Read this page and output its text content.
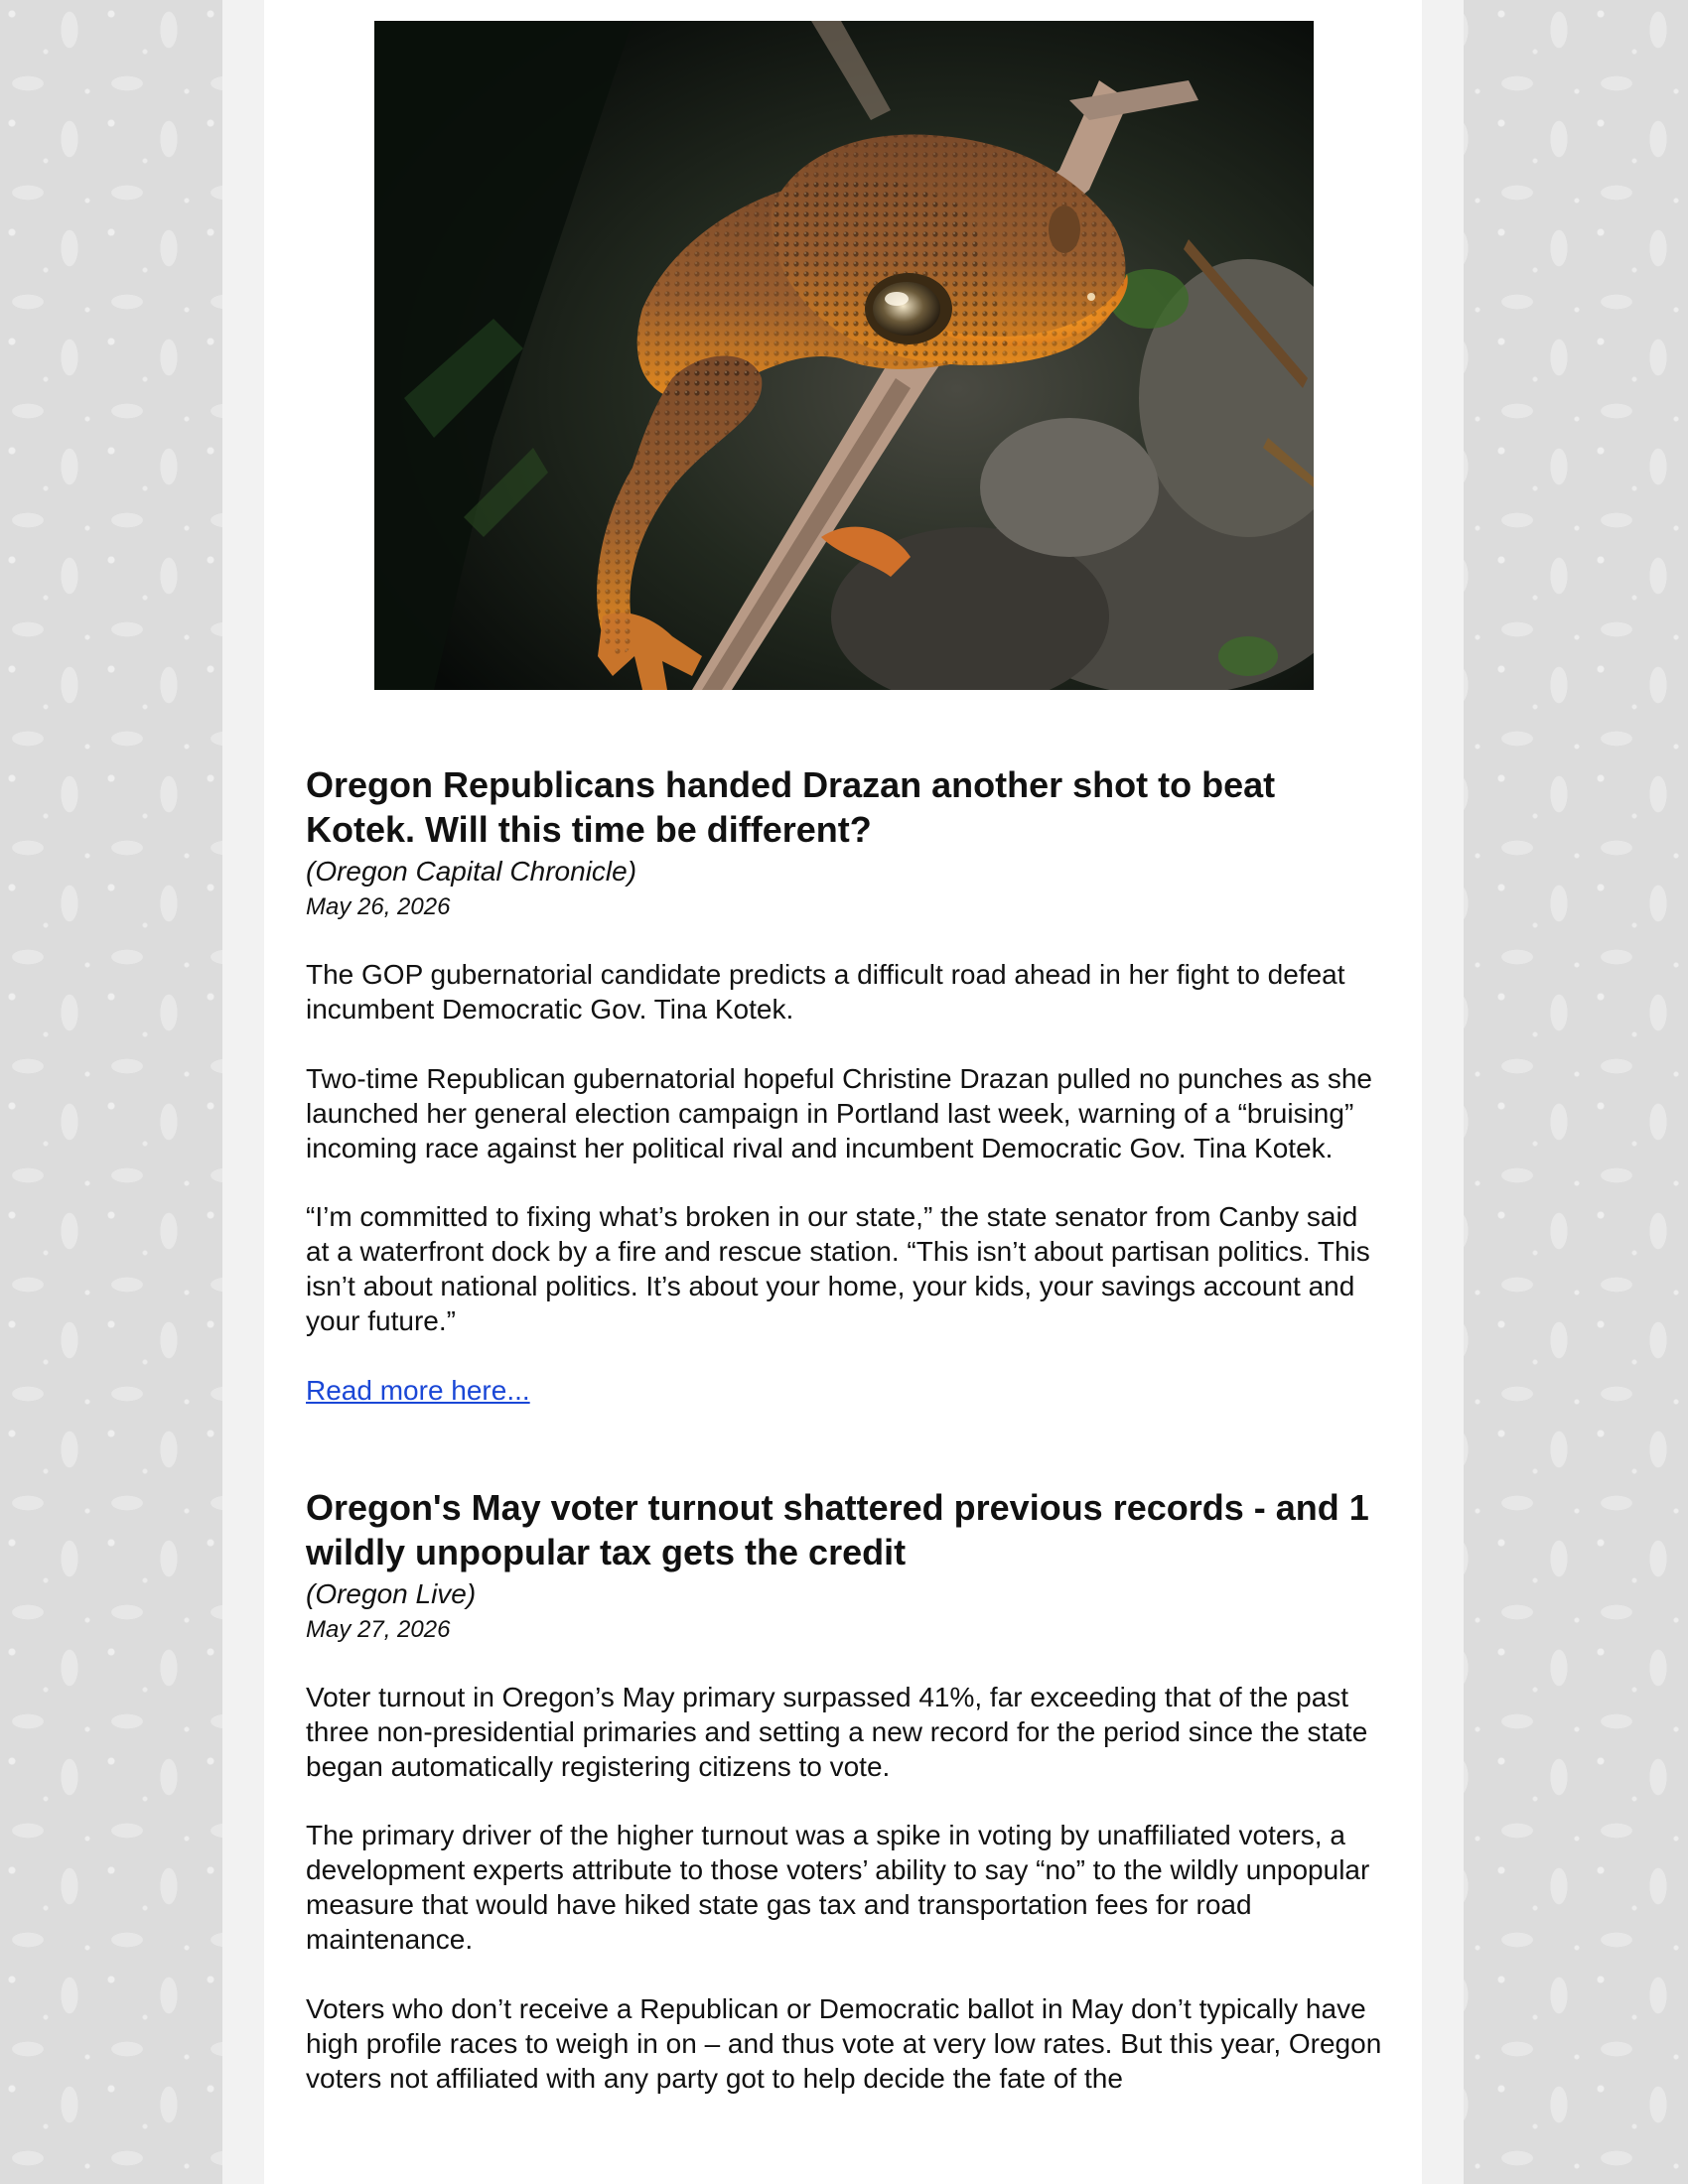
Oregon Republicans handed Drazan another shot to beat Kotek. Will this time be different?

(Oregon Capital Chronicle)

May 26, 2026

The GOP gubernatorial candidate predicts a difficult road ahead in her fight to defeat incumbent Democratic Gov. Tina Kotek.

Two-time Republican gubernatorial hopeful Christine Drazan pulled no punches as she launched her general election campaign in Portland last week, warning of a “bruising” incoming race against her political rival and incumbent Democratic Gov. Tina Kotek.

“I’m committed to fixing what’s broken in our state,” the state senator from Canby said at a waterfront dock by a fire and rescue station. “This isn’t about partisan politics. This isn’t about national politics. It’s about your home, your kids, your savings account and your future.”

Read more here...
Oregon's May voter turnout shattered previous records - and 1 wildly unpopular tax gets the credit

(Oregon Live)

May 27, 2026

Voter turnout in Oregon’s May primary surpassed 41%, far exceeding that of the past three non-presidential primaries and setting a new record for the period since the state began automatically registering citizens to vote.

The primary driver of the higher turnout was a spike in voting by unaffiliated voters, a development experts attribute to those voters’ ability to say “no” to the wildly unpopular measure that would have hiked state gas tax and transportation fees for road maintenance.

Voters who don’t receive a Republican or Democratic ballot in May don’t typically have high profile races to weigh in on – and thus vote at very low rates. But this year, Oregon voters not affiliated with any party got to help decide the fate of the
